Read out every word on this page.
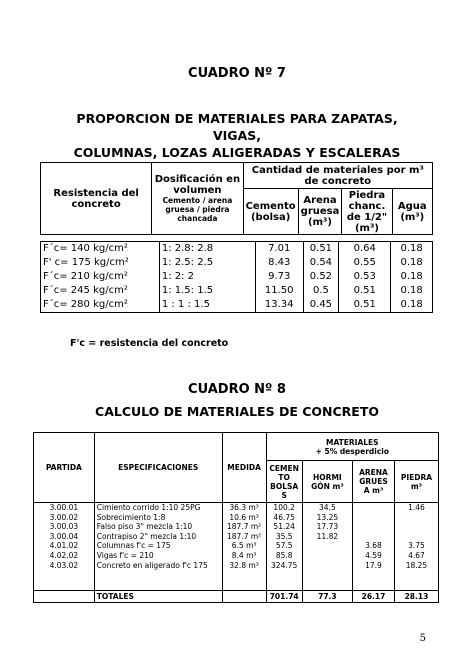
CUADRO Nº 7
PROPORCION DE MATERIALES PARA ZAPATAS, VIGAS,
COLUMNAS, LOZAS ALIGERADAS Y ESCALERAS
Resistencia del concreto	Dosificación en volumen
Cemento / arena gruesa / piedra chancada	Cantidad de materiales por m³ de concreto			
		Cemento (bolsa)	Arena gruesa (m³)	Piedra chanc. de 1/2" (m³)	Agua (m³)
F´c= 140 kg/cm²	1: 2.8: 2.8	7.01	0.51	0.64	0.18
F' c= 175 kg/cm²	1: 2.5: 2.5	8.43	0.54	0.55	0.18
F´c= 210 kg/cm²	1: 2: 2	9.73	0.52	0.53	0.18
F´c= 245 kg/cm²	1: 1.5: 1.5	11.50	0.5	0.51	0.18
F´c= 280 kg/cm²	1 : 1 : 1.5	13.34	0.45	0.51	0.18
F'c = resistencia del concreto
CUADRO Nº 8
CALCULO DE MATERIALES DE CONCRETO
PARTIDA	ESPECIFICACIONES	MEDIDA	MATERIALES
+ 5% desperdicio			

			CEMEN TO BOLSA S	HORMI GÓN m³	ARENA GRUES A m³	PIEDRA m³
3.00.01	Cimiento corrido 1:10 25PG	36.3 m³	100.2	34.5		1.46
3.00.02	Sobrecimiento 1:8	10.6 m³	46.75	13.25		
3.00.03	Falso piso 3" mezcla 1:10	187.7 m²	51.24	17.73		
3.00.04	Contrapiso 2" mezcla 1:10	187.7 m²	35.5	11.82		
4.01.02	Columnas f'c = 175	6.5 m³	57.5		3.68	3.75
4.02.02	Vigas f'c = 210	8.4 m³	85.8		4.59	4.67
4.03.02	Concreto en aligerado f'c 175	32.8 m³	324.75		17.9	18.25

	TOTALES		701.74	77.3	26.17	28.13
5
